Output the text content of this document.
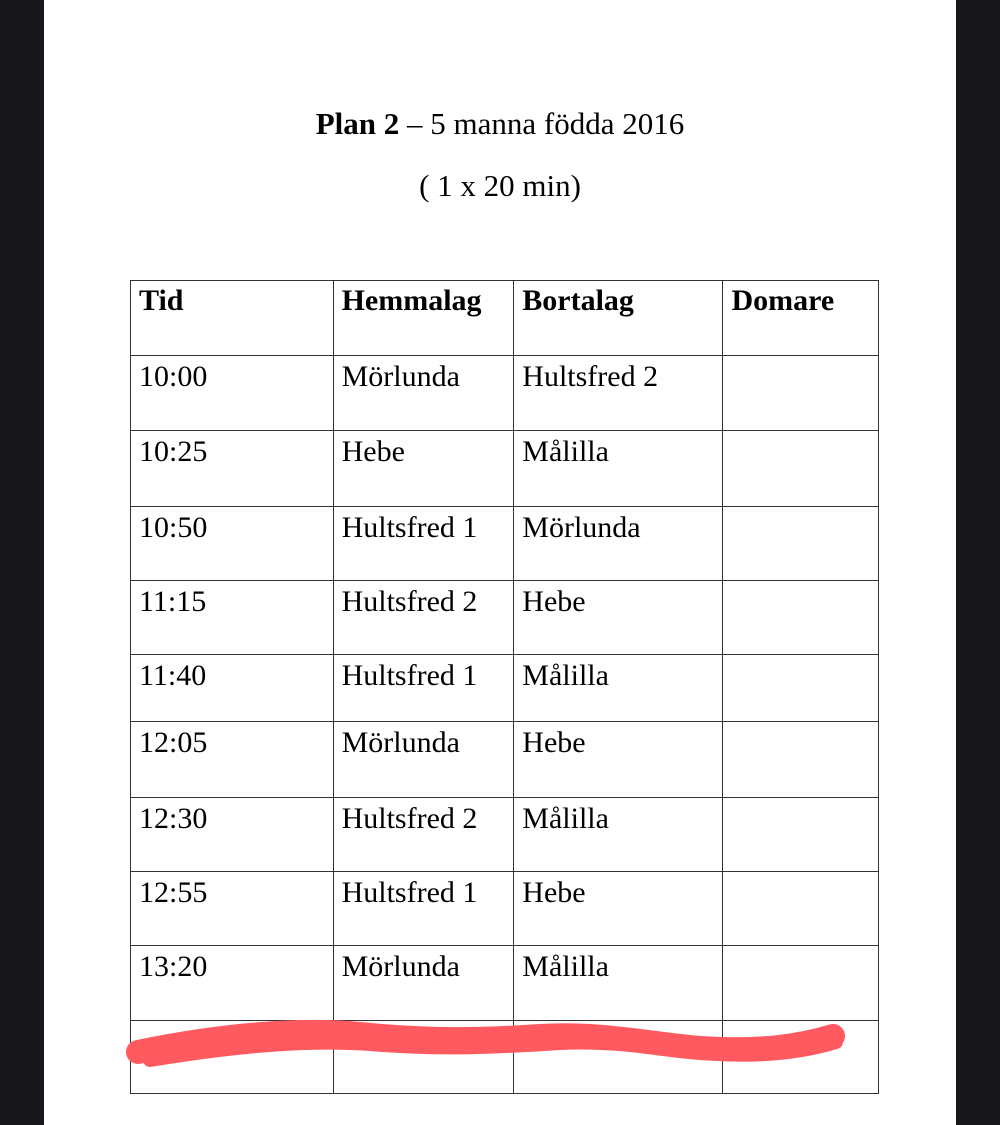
Plan 2 – 5 manna födda 2016
( 1 x 20 min)
Tid	Hemmalag	Bortalag	Domare
10:00	Mörlunda	Hultsfred 2	
10:25	Hebe	Målilla	
10:50	Hultsfred 1	Mörlunda	
11:15	Hultsfred 2	Hebe	
11:40	Hultsfred 1	Målilla	
12:05	Mörlunda	Hebe	
12:30	Hultsfred 2	Målilla	
12:55	Hultsfred 1	Hebe	
13:20	Mörlunda	Målilla	
